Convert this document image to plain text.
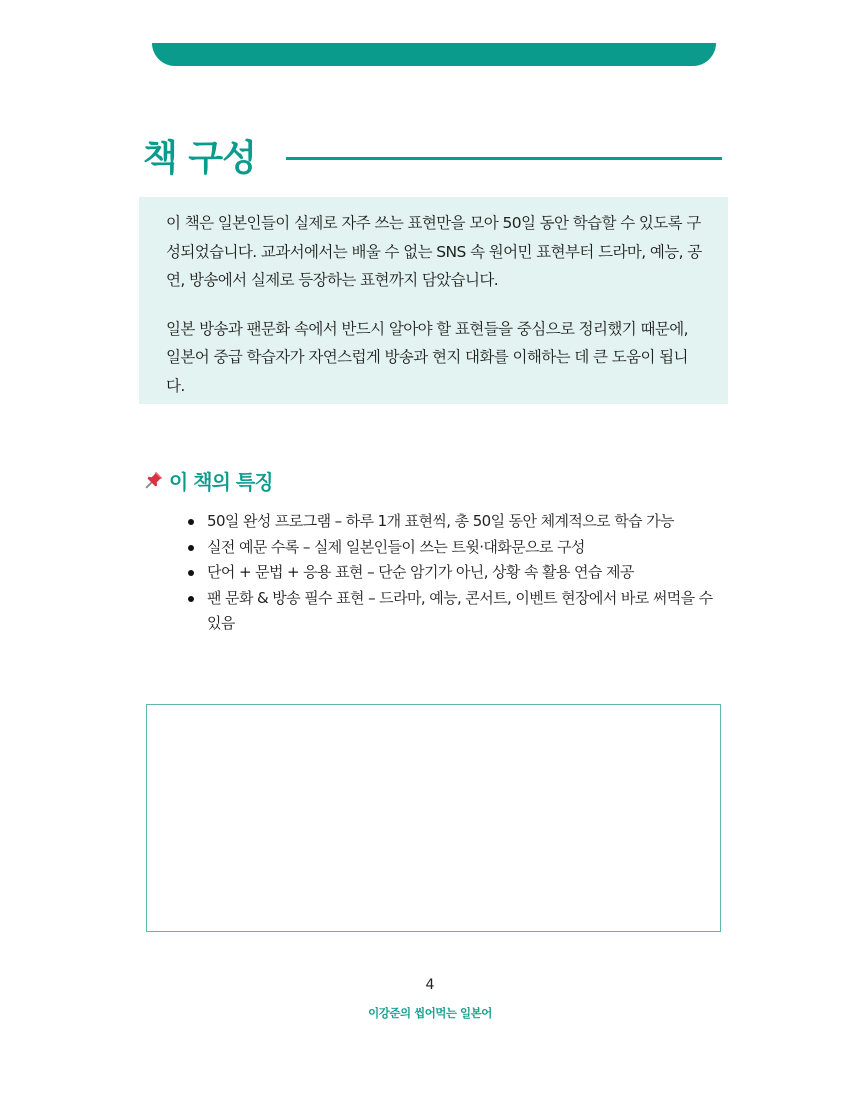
책 구성

이 책은 일본인들이 실제로 자주 쓰는 표현만을 모아 50일 동안 학습할 수 있도록 구성되었습니다. 교과서에서는 배울 수 없는 SNS 속 원어민 표현부터 드라마, 예능, 공연, 방송에서 실제로 등장하는 표현까지 담았습니다.

일본 방송과 팬문화 속에서 반드시 알아야 할 표현들을 중심으로 정리했기 때문에, 일본어 중급 학습자가 자연스럽게 방송과 현지 대화를 이해하는 데 큰 도움이 됩니다.

이 책의 특징
50일 완성 프로그램 – 하루 1개 표현씩, 총 50일 동안 체계적으로 학습 가능
실전 예문 수록 – 실제 일본인들이 쓰는 트윗·대화문으로 구성
단어 + 문법 + 응용 표현 – 단순 암기가 아닌, 상황 속 활용 연습 제공
팬 문화 & 방송 필수 표현 – 드라마, 예능, 콘서트, 이벤트 현장에서 바로 써먹을 수 있음
4
이강준의 씹어먹는 일본어
